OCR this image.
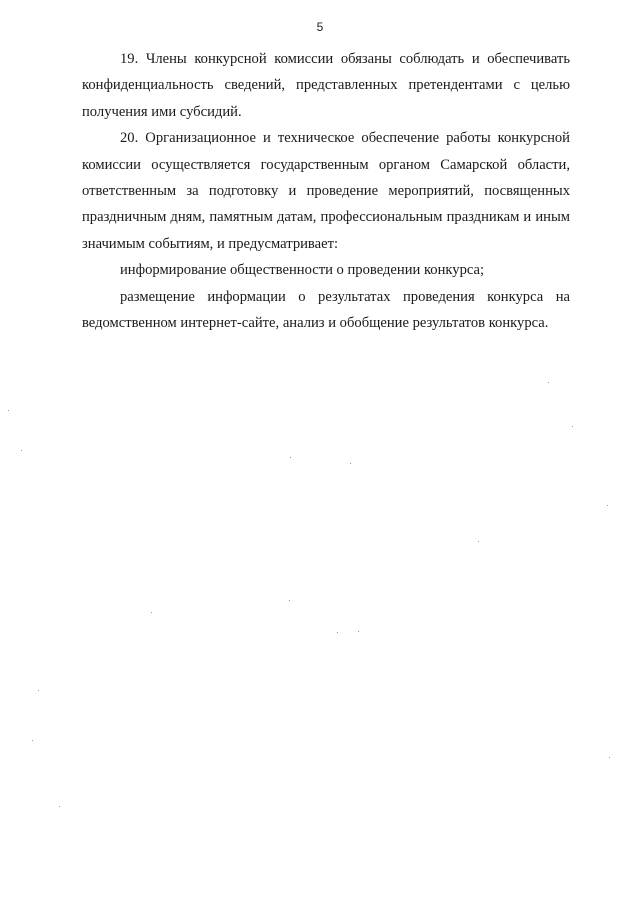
5

19. Члены конкурсной комиссии обязаны соблюдать и обеспечивать конфиденциальность сведений, представленных претендентами с целью получения ими субсидий.

20. Организационное и техническое обеспечение работы конкурсной комиссии осуществляется государственным органом Самарской области, ответственным за подготовку и проведение мероприятий, посвященных праздничным дням, памятным датам, профессиональным праздникам и иным значимым событиям, и предусматривает:

информирование общественности о проведении конкурса;

размещение информации о результатах проведения конкурса на ведомственном интернет-сайте, анализ и обобщение результатов конкурса.
